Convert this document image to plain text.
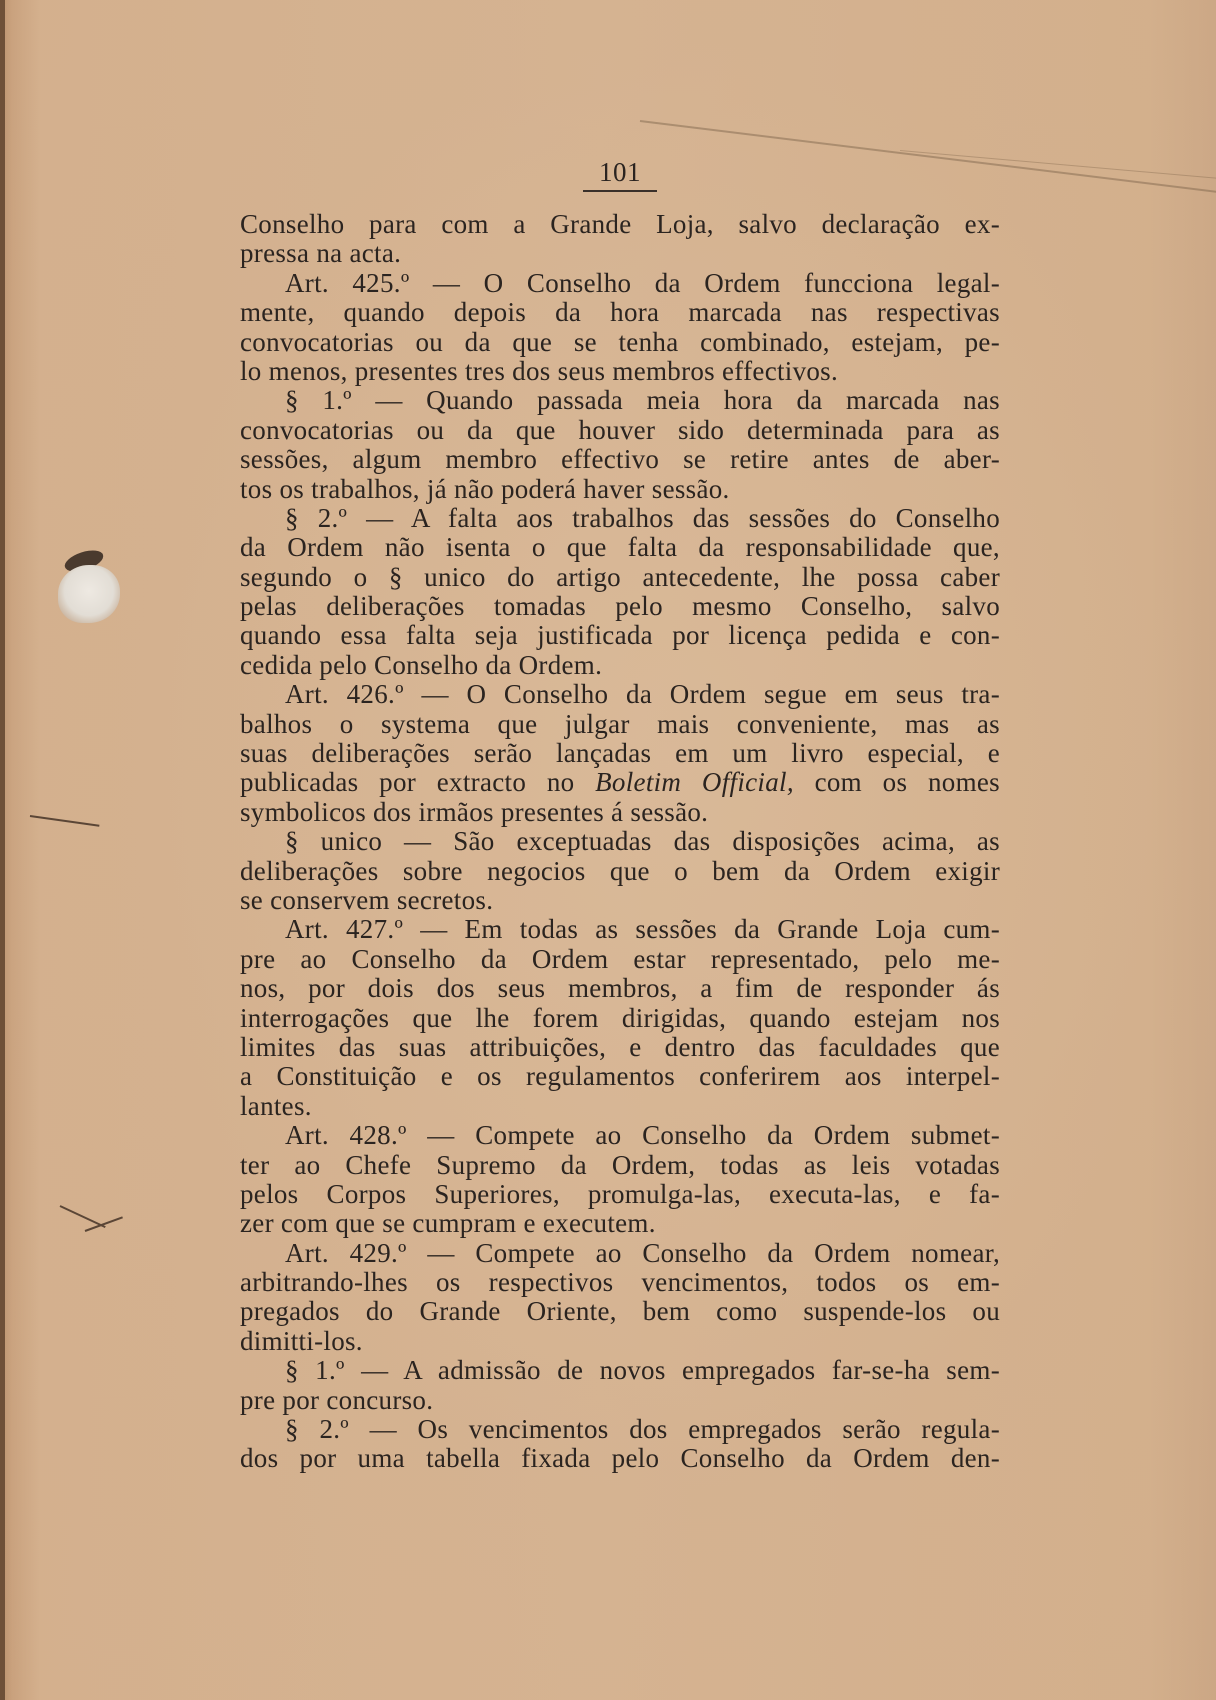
101
Conselho para com a Grande Loja, salvo declaração ex-
pressa na acta.
Art. 425.º — O Conselho da Ordem funcciona legal-
mente, quando depois da hora marcada nas respectivas
convocatorias ou da que se tenha combinado, estejam, pe-
lo menos, presentes tres dos seus membros effectivos.
§ 1.º — Quando passada meia hora da marcada nas
convocatorias ou da que houver sido determinada para as
sessões, algum membro effectivo se retire antes de aber-
tos os trabalhos, já não poderá haver sessão.
§ 2.º — A falta aos trabalhos das sessões do Conselho
da Ordem não isenta o que falta da responsabilidade que,
segundo o § unico do artigo antecedente, lhe possa caber
pelas deliberações tomadas pelo mesmo Conselho, salvo
quando essa falta seja justificada por licença pedida e con-
cedida pelo Conselho da Ordem.
Art. 426.º — O Conselho da Ordem segue em seus tra-
balhos o systema que julgar mais conveniente, mas as
suas deliberações serão lançadas em um livro especial, e
publicadas por extracto no Boletim Official, com os nomes
symbolicos dos irmãos presentes á sessão.
§ unico — São exceptuadas das disposições acima, as
deliberações sobre negocios que o bem da Ordem exigir
se conservem secretos.
Art. 427.º — Em todas as sessões da Grande Loja cum-
pre ao Conselho da Ordem estar representado, pelo me-
nos, por dois dos seus membros, a fim de responder ás
interrogações que lhe forem dirigidas, quando estejam nos
limites das suas attribuições, e dentro das faculdades que
a Constituição e os regulamentos conferirem aos interpel-
lantes.
Art. 428.º — Compete ao Conselho da Ordem submet-
ter ao Chefe Supremo da Ordem, todas as leis votadas
pelos Corpos Superiores, promulga-las, executa-las, e fa-
zer com que se cumpram e executem.
Art. 429.º — Compete ao Conselho da Ordem nomear,
arbitrando-lhes os respectivos vencimentos, todos os em-
pregados do Grande Oriente, bem como suspende-los ou
dimitti-los.
§ 1.º — A admissão de novos empregados far-se-ha sem-
pre por concurso.
§ 2.º — Os vencimentos dos empregados serão regula-
dos por uma tabella fixada pelo Conselho da Ordem den-
